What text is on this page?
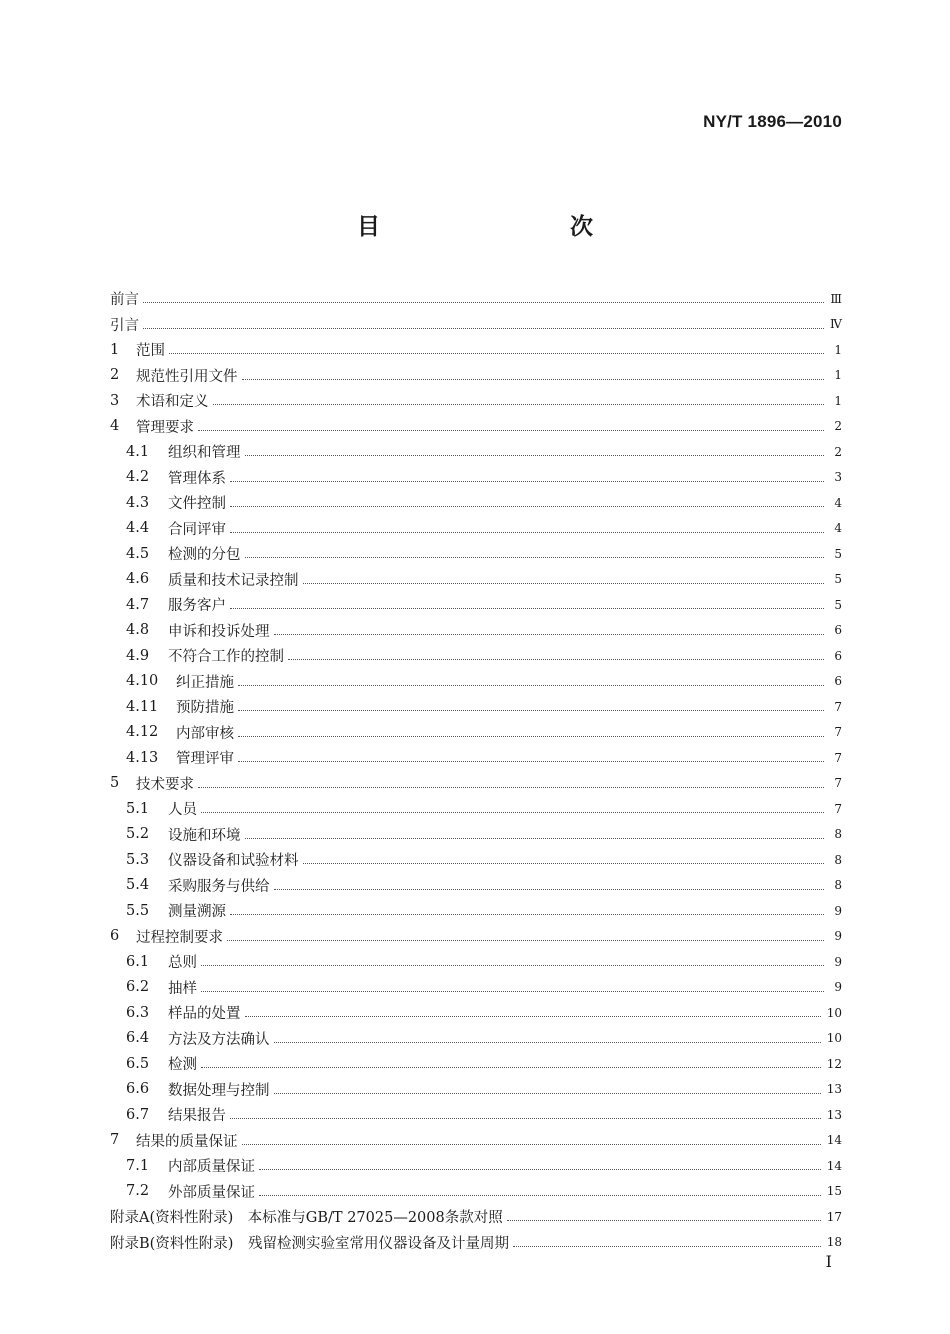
NY/T 1896—2010
目　　次
前言	Ⅲ
引言	Ⅳ
1	范围	1
2	规范性引用文件	1
3	术语和定义	1
4	管理要求	2
4.1	组织和管理	2
4.2	管理体系	3
4.3	文件控制	4
4.4	合同评审	4
4.5	检测的分包	5
4.6	质量和技术记录控制	5
4.7	服务客户	5
4.8	申诉和投诉处理	6
4.9	不符合工作的控制	6
4.10	纠正措施	6
4.11	预防措施	7
4.12	内部审核	7
4.13	管理评审	7
5	技术要求	7
5.1	人员	7
5.2	设施和环境	8
5.3	仪器设备和试验材料	8
5.4	采购服务与供给	8
5.5	测量溯源	9
6	过程控制要求	9
6.1	总则	9
6.2	抽样	9
6.3	样品的处置	10
6.4	方法及方法确认	10
6.5	检测	12
6.6	数据处理与控制	13
6.7	结果报告	13
7	结果的质量保证	14
7.1	内部质量保证	14
7.2	外部质量保证	15
附录A(资料性附录)　本标准与GB/T 27025—2008条款对照	17
附录B(资料性附录)　残留检测实验室常用仪器设备及计量周期	18
I
